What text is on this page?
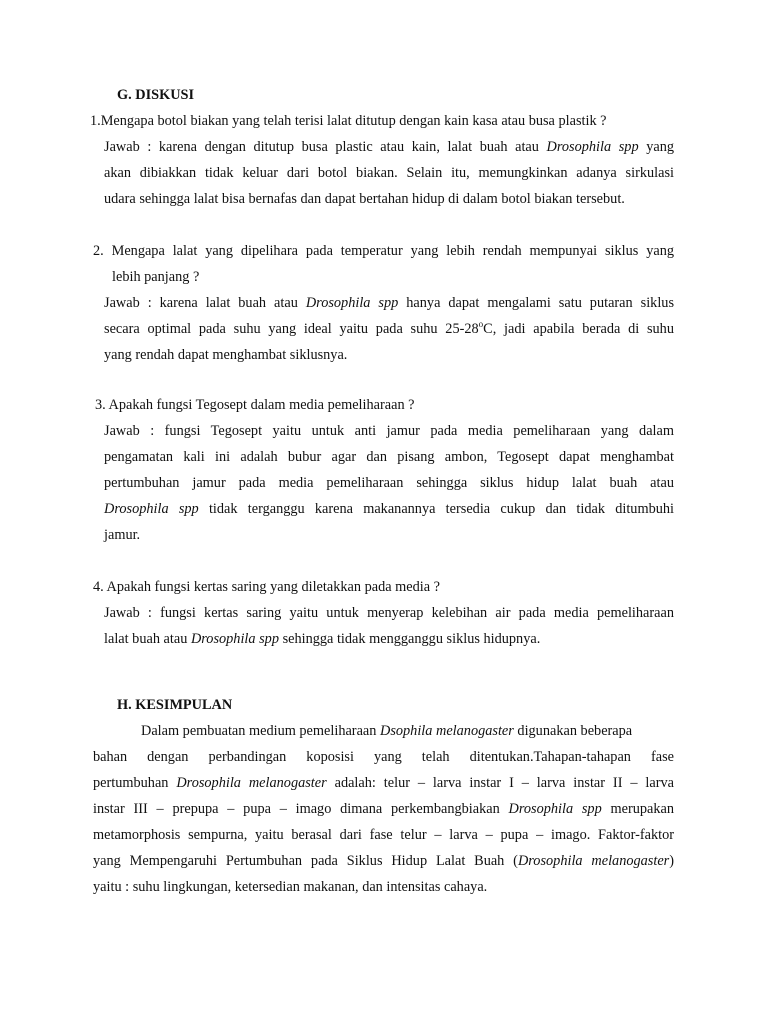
G. DISKUSI
1.Mengapa botol biakan yang telah terisi lalat ditutup dengan kain kasa atau busa plastik ?
Jawab : karena dengan ditutup busa plastic atau kain, lalat buah atau Drosophila spp yang
akan dibiakkan tidak keluar dari botol biakan. Selain itu, memungkinkan adanya sirkulasi
udara sehingga lalat bisa bernafas dan dapat bertahan hidup di dalam botol biakan tersebut.
2. Mengapa lalat yang dipelihara pada temperatur yang lebih rendah mempunyai siklus yang
lebih panjang ?
Jawab : karena lalat buah atau Drosophila spp hanya dapat mengalami satu putaran siklus
secara optimal pada suhu yang ideal yaitu pada suhu 25-28$^o$C, jadi apabila berada di suhu
yang rendah dapat menghambat siklusnya.
3. Apakah fungsi Tegosept dalam media pemeliharaan ?
Jawab : fungsi Tegosept yaitu untuk anti jamur pada media pemeliharaan yang dalam
pengamatan kali ini adalah bubur agar dan pisang ambon, Tegosept dapat menghambat
pertumbuhan jamur pada media pemeliharaan sehingga siklus hidup lalat buah atau
Drosophila spp tidak terganggu karena makanannya tersedia cukup dan tidak ditumbuhi
jamur.
4. Apakah fungsi kertas saring yang diletakkan pada media ?
Jawab : fungsi kertas saring yaitu untuk menyerap kelebihan air pada media pemeliharaan
lalat buah atau Drosophila spp sehingga tidak mengganggu siklus hidupnya.
H. KESIMPULAN
Dalam pembuatan medium pemeliharaan Dsophila melanogaster digunakan beberapa
bahan dengan perbandingan koposisi yang telah ditentukan.Tahapan-tahapan fase
pertumbuhan Drosophila melanogaster adalah: telur – larva instar I – larva instar II – larva
instar III – prepupa – pupa – imago dimana perkembangbiakan Drosophila spp merupakan
metamorphosis sempurna, yaitu berasal dari fase telur – larva – pupa – imago. Faktor-faktor
yang Mempengaruhi Pertumbuhan pada Siklus Hidup Lalat Buah (Drosophila melanogaster)
yaitu : suhu lingkungan, ketersedian makanan, dan intensitas cahaya.
